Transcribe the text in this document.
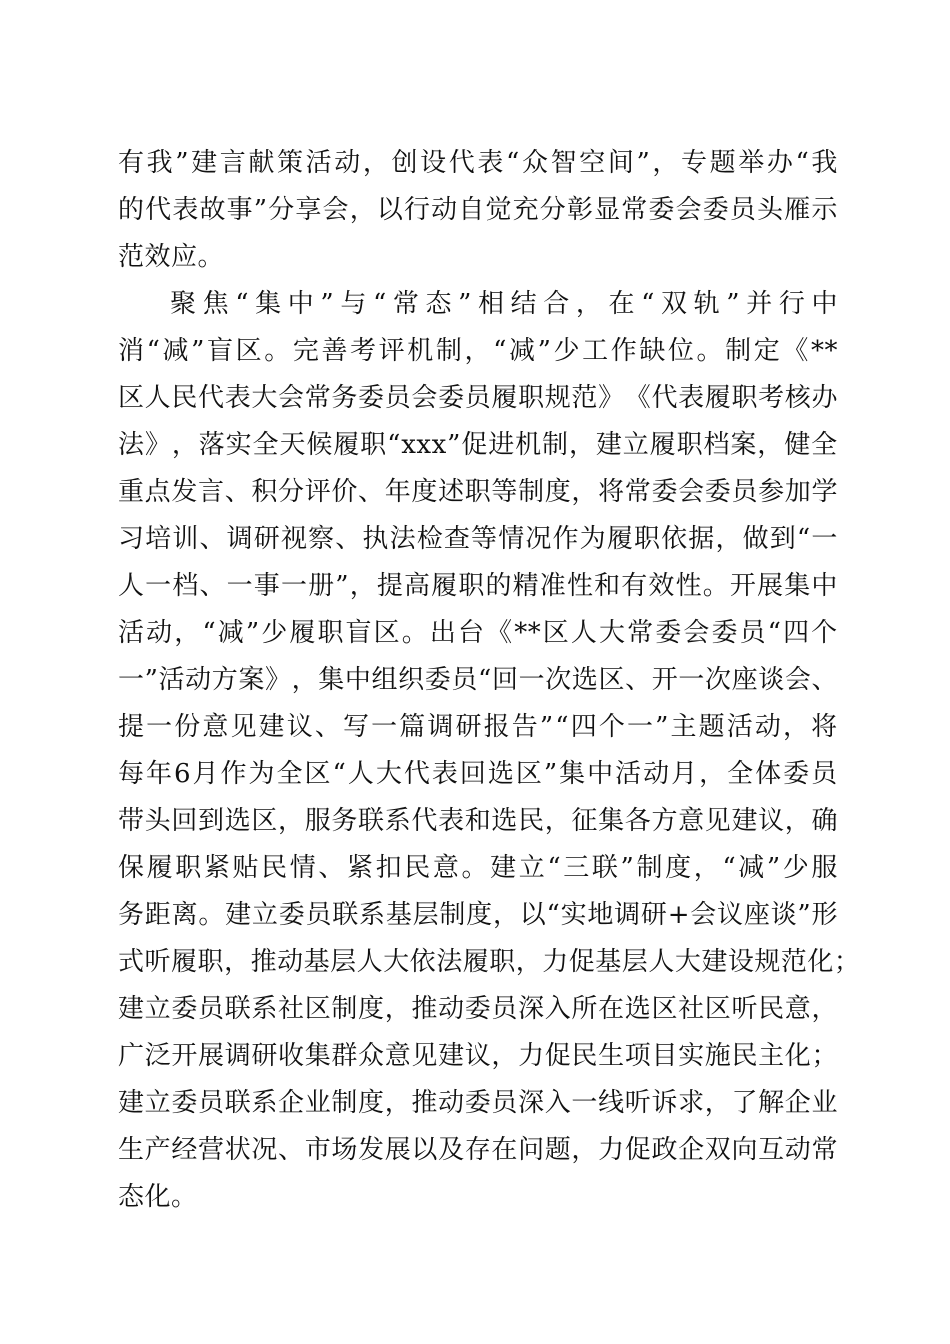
有 我 ” 建 言 献 策 活 动 ， 创 设 代 表 “ 众 智 空 间 ” ， 专 题 举 办 “ 我
的 代 表 故 事 ” 分 享 会 ， 以 行 动 自 觉 充 分 彰 显 常 委 会 委 员 头 雁 示
范效应。
聚 焦 “ 集 中 ” 与 “ 常 态 ” 相 结 合 ， 在 “ 双 轨 ” 并 行 中
消 “ 减 ” 盲 区 。 完 善 考 评 机 制 ， “ 减 ” 少 工 作 缺 位 。 制 定 《 **
区 人 民 代 表 大 会 常 务 委 员 会 委 员 履 职 规 范 》 《 代 表 履 职 考 核 办
法 》 ， 落 实 全 天 候 履 职 “ xxx ” 促 进 机 制 ， 建 立 履 职 档 案 ， 健 全
重 点 发 言 、 积 分 评 价 、 年 度 述 职 等 制 度 ， 将 常 委 会 委 员 参 加 学
习 培 训 、 调 研 视 察 、 执 法 检 查 等 情 况 作 为 履 职 依 据 ， 做 到 “ 一
人 一 档 、 一 事 一 册 ” ， 提 高 履 职 的 精 准 性 和 有 效 性 。 开 展 集 中
活 动 ， “ 减 ” 少 履 职 盲 区 。 出 台 《 ** 区 人 大 常 委 会 委 员 “ 四 个
一 ” 活 动 方 案 》 ， 集 中 组 织 委 员 “ 回 一 次 选 区 、 开 一 次 座 谈 会 、
提 一 份 意 见 建 议 、 写 一 篇 调 研 报 告 ” “ 四 个 一 ” 主 题 活 动 ， 将
每 年 6 月 作 为 全 区 “ 人 大 代 表 回 选 区 ” 集 中 活 动 月 ， 全 体 委 员
带 头 回 到 选 区 ， 服 务 联 系 代 表 和 选 民 ， 征 集 各 方 意 见 建 议 ， 确
保 履 职 紧 贴 民 情 、 紧 扣 民 意 。 建 立 “ 三 联 ” 制 度 ， “ 减 ” 少 服
务 距 离 。 建 立 委 员 联 系 基 层 制 度 ， 以 “ 实 地 调 研 + 会 议 座 谈 ” 形
式 听 履 职 ， 推 动 基 层 人 大 依 法 履 职 ， 力 促 基 层 人 大 建 设 规 范 化 ；
建 立 委 员 联 系 社 区 制 度 ， 推 动 委 员 深 入 所 在 选 区 社 区 听 民 意 ，
广 泛 开 展 调 研 收 集 群 众 意 见 建 议 ， 力 促 民 生 项 目 实 施 民 主 化 ；
建 立 委 员 联 系 企 业 制 度 ， 推 动 委 员 深 入 一 线 听 诉 求 ， 了 解 企 业
生 产 经 营 状 况 、 市 场 发 展 以 及 存 在 问 题 ， 力 促 政 企 双 向 互 动 常
态化。
